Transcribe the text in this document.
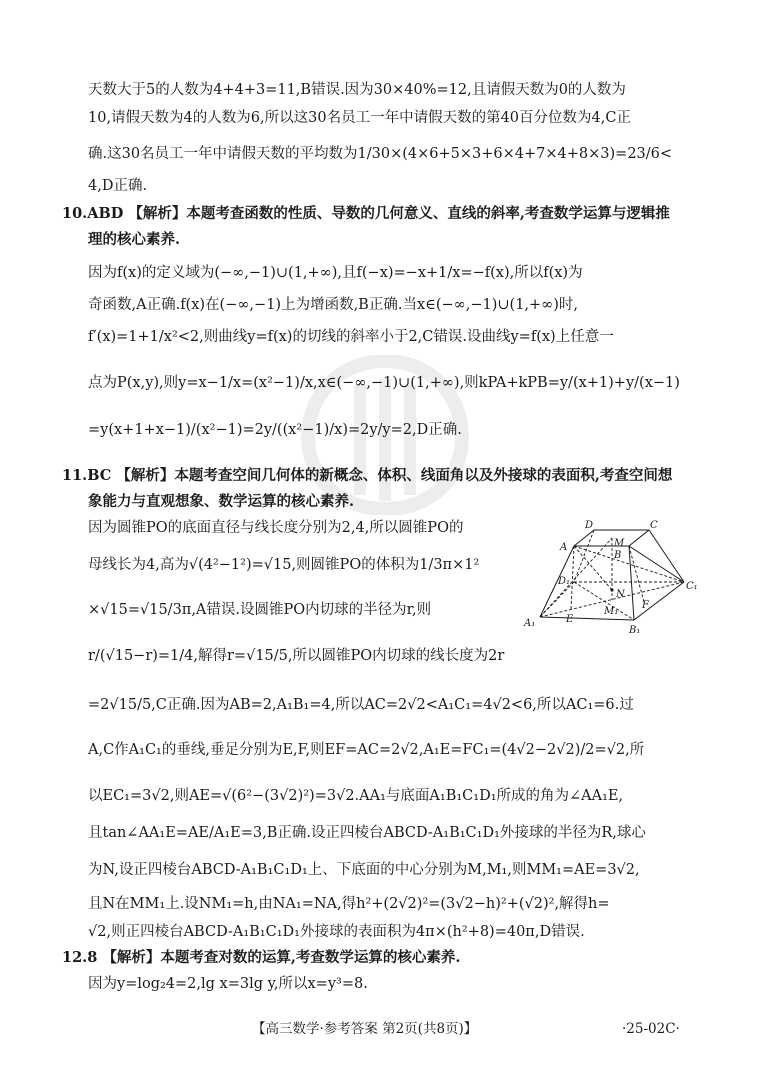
天数大于5的人数为4+4+3=11,B错误.因为30×40%=12,且请假天数为0的人数为
10,请假天数为4的人数为6,所以这30名员工一年中请假天数的第40百分位数为4,C正
确.这30名员工一年中请假天数的平均数为1/30×(4×6+5×3+6×4+7×4+8×3)=23/6<
4,D正确.
10.ABD 【解析】本题考查函数的性质、导数的几何意义、直线的斜率,考查数学运算与逻辑推
理的核心素养.
因为f(x)的定义域为(−∞,−1)∪(1,+∞),且f(−x)=−x+1/x=−f(x),所以f(x)为
奇函数,A正确.f(x)在(−∞,−1)上为增函数,B正确.当x∈(−∞,−1)∪(1,+∞)时,
f′(x)=1+1/x²<2,则曲线y=f(x)的切线的斜率小于2,C错误.设曲线y=f(x)上任意一
点为P(x,y),则y=x−1/x=(x²−1)/x,x∈(−∞,−1)∪(1,+∞),则kPA+kPB=y/(x+1)+y/(x−1)
=y(x+1+x−1)/(x²−1)=2y/((x²−1)/x)=2y/y=2,D正确.
11.BC 【解析】本题考查空间几何体的新概念、体积、线面角以及外接球的表面积,考查空间想
象能力与直观想象、数学运算的核心素养.
因为圆锥PO的底面直径与线长度分别为2,4,所以圆锥PO的
母线长为4,高为√(4²−1²)=√15,则圆锥PO的体积为1/3π×1²
×√15=√15/3π,A错误.设圆锥PO内切球的半径为r,则
r/(√15−r)=1/4,解得r=√15/5,所以圆锥PO内切球的线长度为2r
=2√15/5,C正确.因为AB=2,A₁B₁=4,所以AC=2√2<A₁C₁=4√2<6,所以AC₁=6.过
A,C作A₁C₁的垂线,垂足分别为E,F,则EF=AC=2√2,A₁E=FC₁=(4√2−2√2)/2=√2,所
以EC₁=3√2,则AE=√(6²−(3√2)²)=3√2.AA₁与底面A₁B₁C₁D₁所成的角为∠AA₁E,
且tan∠AA₁E=AE/A₁E=3,B正确.设正四棱台ABCD-A₁B₁C₁D₁外接球的半径为R,球心
为N,设正四棱台ABCD-A₁B₁C₁D₁上、下底面的中心分别为M,M₁,则MM₁=AE=3√2,
且N在MM₁上.设NM₁=h,由NA₁=NA,得h²+(2√2)²=(3√2−h)²+(√2)²,解得h=
√2,则正四棱台ABCD-A₁B₁C₁D₁外接球的表面积为4π×(h²+8)=40π,D错误.
12.8 【解析】本题考查对数的运算,考查数学运算的核心素养.
因为y=log₂4=2,lg x=3lg y,所以x=y³=8.
D	C
A	M
B
D₁
N
C₁
M₁
F
A₁	E
B₁
【高三数学·参考答案 第2页(共8页)】	·25-02C·
